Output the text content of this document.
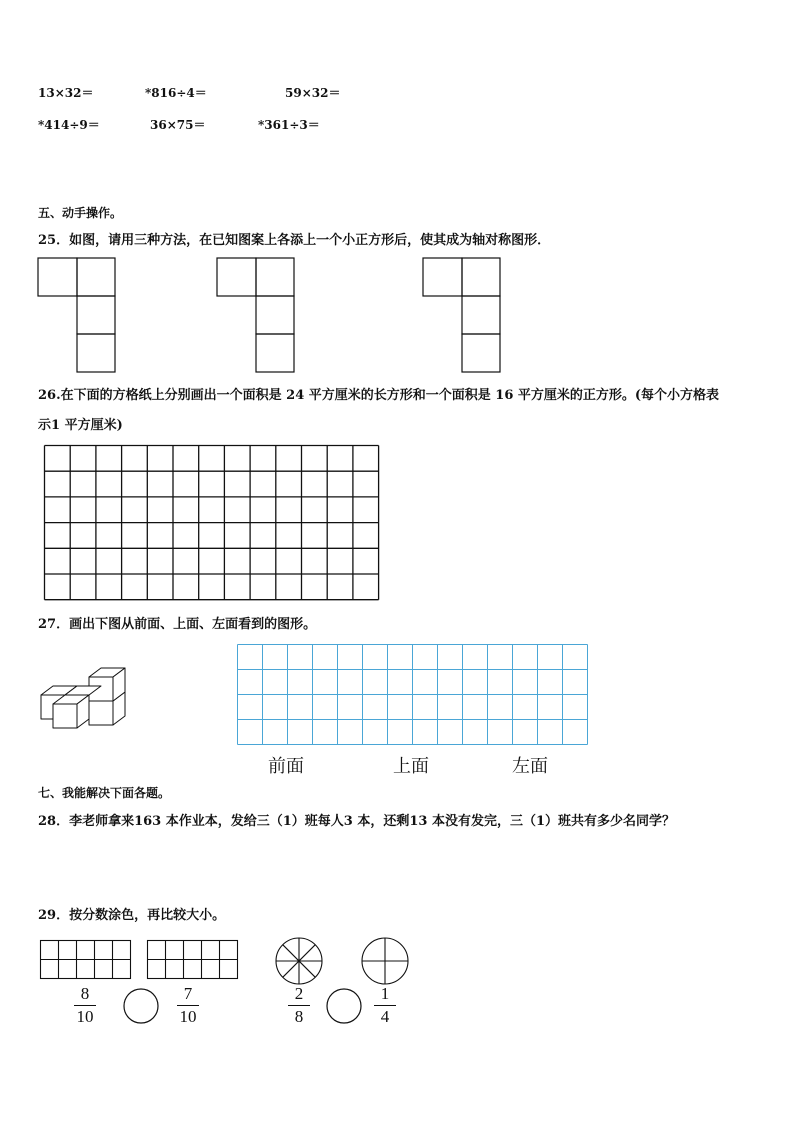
13×32＝	*816÷4＝	59×32＝
*414÷9＝	36×75＝	*361÷3＝
五、动手操作。
25．如图，请用三种方法，在已知图案上各添上一个小正方形后，使其成为轴对称图形．
26.在下面的方格纸上分别画出一个面积是 24 平方厘米的长方形和一个面积是 16 平方厘米的正方形。(每个小方格表
示1 平方厘米)
27．画出下图从前面、上面、左面看到的图形。
前面	上面	左面
七、我能解决下面各题。
28．李老师拿来163 本作业本，发给三（1）班每人3 本，还剩13 本没有发完，三（1）班共有多少名同学？
29．按分数涂色，再比较大小。
8
10
7
10
2
8
1
4
